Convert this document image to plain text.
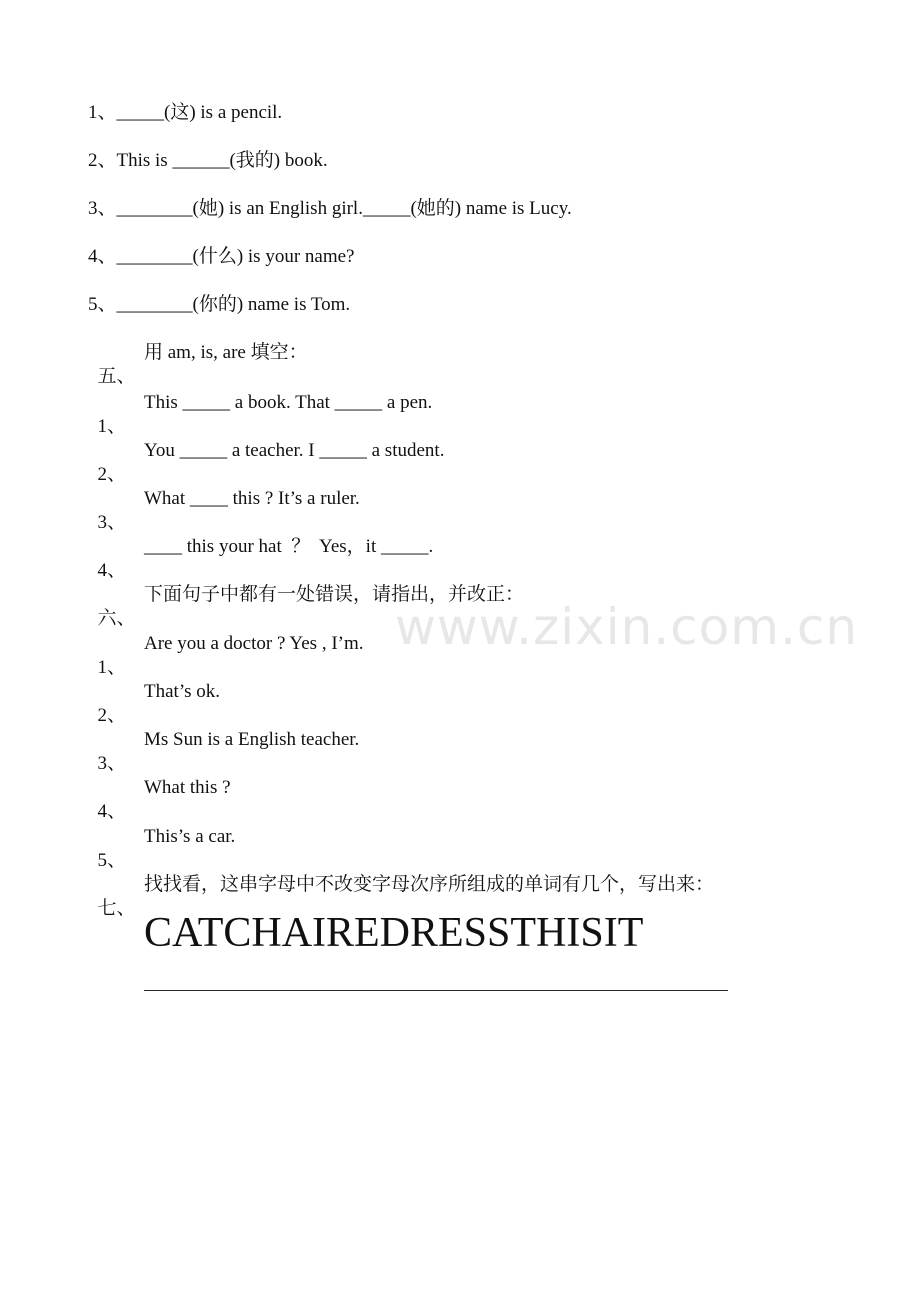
1、_____(这) is a pencil.
2、This is ______(我的) book.
3、________(她) is an English girl._____(她的) name is Lucy.
4、________(什么) is your name?
5、________(你的) name is Tom.

五、

用 am, is, are 填空：

1、

This _____ a book. That _____ a pen.

2、

You _____ a teacher. I _____ a student.

3、

What ____ this ? It’s a ruler.

4、

____ this your hat  ？  Yes，it _____.

六、

下面句子中都有一处错误，请指出，并改正：

1、

Are you a doctor ? Yes , I’m.

2、

That’s ok.

3、

Ms Sun is a English teacher.

4、

What this ?

5、

This’s a car.

七、

找找看，这串字母中不改变字母次序所组成的单词有几个，写出来：

CATCHAIREDRESSTHISIT
www.zixin.com.cn
